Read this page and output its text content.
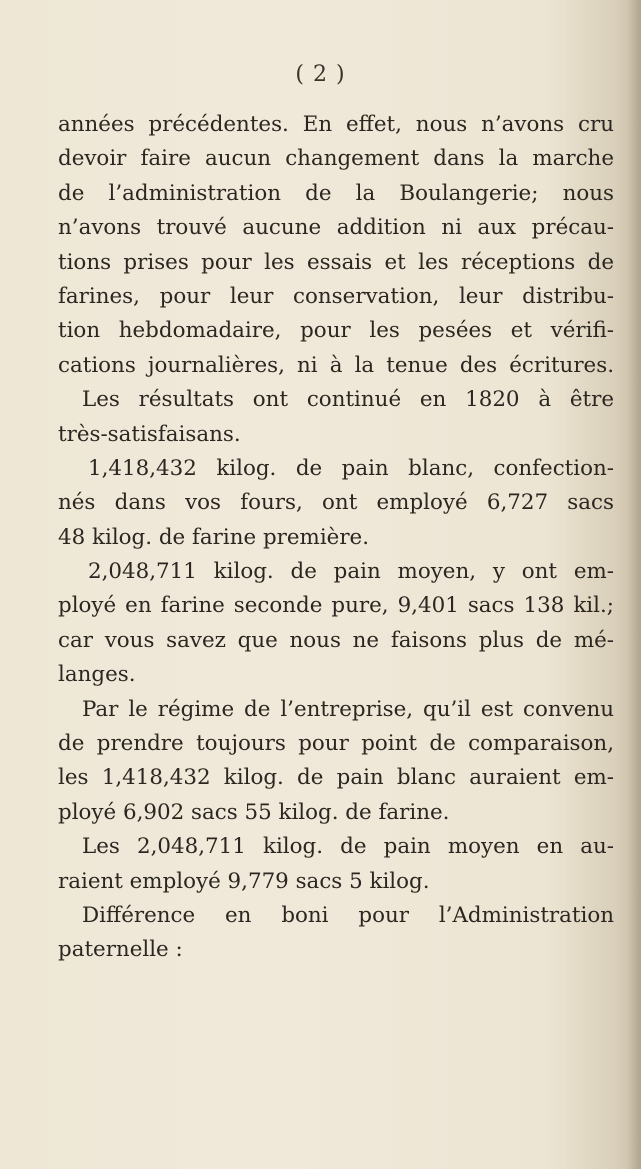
( 2 )
années précédentes. En effet, nous n’avons cru
devoir faire aucun changement dans la marche
de l’administration de la Boulangerie; nous
n’avons trouvé aucune addition ni aux précau-
tions prises pour les essais et les réceptions de
farines, pour leur conservation, leur distribu-
tion hebdomadaire, pour les pesées et vérifi-
cations journalières, ni à la tenue des écritures.
Les résultats ont continué en 1820 à être
très-satisfaisans.
1,418,432 kilog. de pain blanc, confection-
nés dans vos fours, ont employé 6,727 sacs
48 kilog. de farine première.
2,048,711 kilog. de pain moyen, y ont em-
ployé en farine seconde pure, 9,401 sacs 138 kil.;
car vous savez que nous ne faisons plus de mé-
langes.
Par le régime de l’entreprise, qu’il est convenu
de prendre toujours pour point de comparaison,
les 1,418,432 kilog. de pain blanc auraient em-
ployé 6,902 sacs 55 kilog. de farine.
Les 2,048,711 kilog. de pain moyen en au-
raient employé 9,779 sacs 5 kilog.
Différence en boni pour l’Administration
paternelle :
